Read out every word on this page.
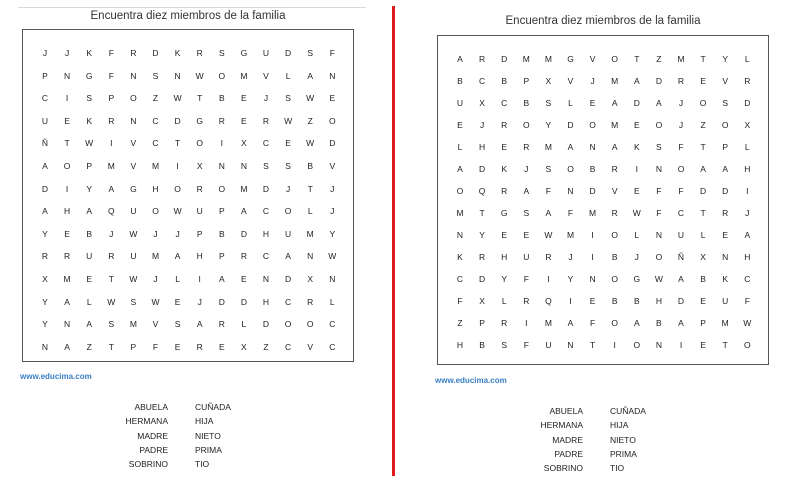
Encuentra diez miembros de la familia
J	J	K	F	R	D	K	R	S	G	U	D	S	F
P	N	G	F	N	S	N	W	O	M	V	L	A	N
C	I	S	P	O	Z	W	T	B	E	J	S	W	E
U	E	K	R	N	C	D	G	R	E	R	W	Z	O
Ñ	T	W	I	V	C	T	O	I	X	C	E	W	D
A	O	P	M	V	M	I	X	N	N	S	S	B	V
D	I	Y	A	G	H	O	R	O	M	D	J	T	J
A	H	A	Q	U	O	W	U	P	A	C	O	L	J
Y	E	B	J	W	J	J	P	B	D	H	U	M	Y
R	R	U	R	U	M	A	H	P	R	C	A	N	W
X	M	E	T	W	J	L	I	A	E	N	D	X	N
Y	A	L	W	S	W	E	J	D	D	H	C	R	L
Y	N	A	S	M	V	S	A	R	L	D	O	O	C
N	A	Z	T	P	F	E	R	E	X	Z	C	V	C
www.educima.com
ABUELA
HERMANA
MADRE
PADRE
SOBRINO
CUÑADA
HIJA
NIETO
PRIMA
TIO
Encuentra diez miembros de la familia
A	R	D	M	M	G	V	O	T	Z	M	T	Y	L
B	C	B	P	X	V	J	M	A	D	R	E	V	R
U	X	C	B	S	L	E	A	D	A	J	O	S	D
E	J	R	O	Y	D	O	M	E	O	J	Z	O	X
L	H	E	R	M	A	N	A	K	S	F	T	P	L
A	D	K	J	S	O	B	R	I	N	O	A	A	H
O	Q	R	A	F	N	D	V	E	F	F	D	D	I
M	T	G	S	A	F	M	R	W	F	C	T	R	J
N	Y	E	E	W	M	I	O	L	N	U	L	E	A
K	R	H	U	R	J	I	B	J	O	Ñ	X	N	H
C	D	Y	F	I	Y	N	O	G	W	A	B	K	C
F	X	L	R	Q	I	E	B	B	H	D	E	U	F
Z	P	R	I	M	A	F	O	A	B	A	P	M	W
H	B	S	F	U	N	T	I	O	N	I	E	T	O
www.educima.com
ABUELA
HERMANA
MADRE
PADRE
SOBRINO
CUÑADA
HIJA
NIETO
PRIMA
TIO
